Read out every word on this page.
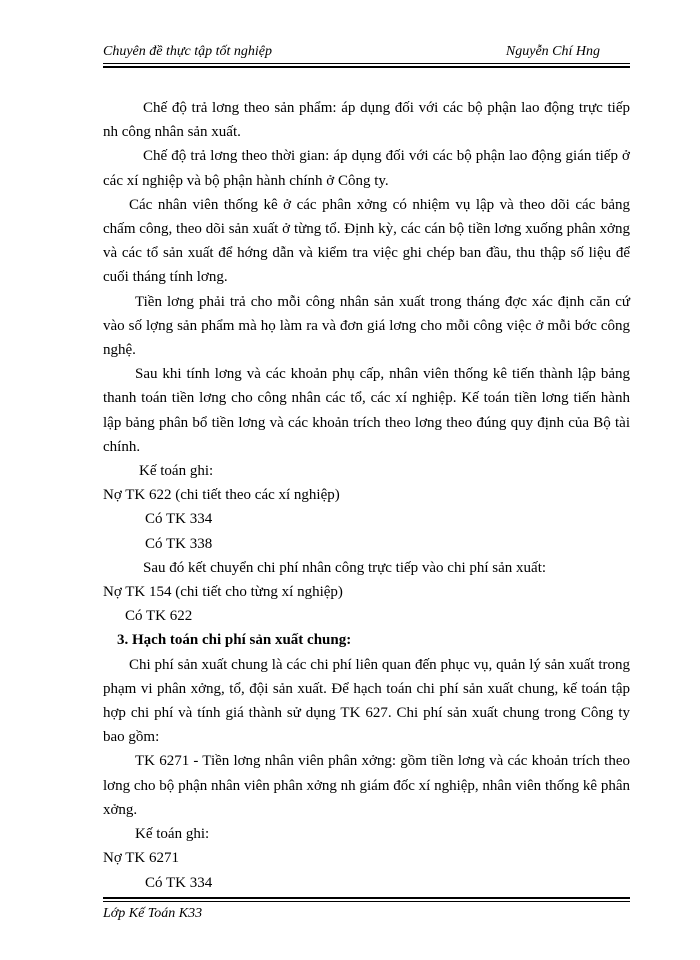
Chuyên đề thực tập tốt nghiệp	Nguyễn Chí Hng

Chế độ trả lơng theo sản phẩm: áp dụng đối với các bộ phận lao động trực tiếp nh công nhân sản xuất.

Chế độ trả lơng theo thời gian: áp dụng đối với các bộ phận lao động gián tiếp ở các xí nghiệp và bộ phận hành chính ở Công ty.

Các nhân viên thống kê ở các phân xởng có nhiệm vụ lập và theo dõi các bảng chấm công, theo dõi sản xuất ở từng tổ. Định kỳ, các cán bộ tiền lơng xuống phân xởng và các tổ sản xuất để hớng dẫn và kiểm tra việc ghi chép ban đầu, thu thập số liệu để cuối tháng tính lơng.

Tiền lơng phải trả cho mỗi công nhân sản xuất trong tháng đợc xác định căn cứ vào số lợng sản phẩm mà họ làm ra và đơn giá lơng cho mỗi công việc ở mỗi bớc công nghệ.

Sau khi tính lơng và các khoản phụ cấp, nhân viên thống kê tiến thành lập bảng thanh toán tiền lơng cho công nhân các tổ, các xí nghiệp. Kế toán tiền lơng tiến hành lập bảng phân bổ tiền lơng và các khoản trích theo lơng theo đúng quy định của Bộ tài chính.

Kế toán ghi:

Nợ TK 622 (chi tiết theo các xí nghiệp)

Có TK 334

Có TK 338

Sau đó kết chuyển chi phí nhân công trực tiếp vào chi phí sản xuất:

Nợ TK 154 (chi tiết cho từng xí nghiệp)

Có TK 622

3. Hạch toán chi phí sản xuất chung:

Chi phí sản xuất chung là các chi phí liên quan đến phục vụ, quản lý sản xuất trong phạm vi phân xởng, tổ, đội sản xuất. Để hạch toán chi phí sản xuất chung, kế toán tập hợp chi phí và tính giá thành sử dụng TK 627. Chi phí sản xuất chung trong Công ty bao gồm:

TK 6271 - Tiền lơng nhân viên phân xởng: gồm tiền lơng và các khoản trích theo lơng cho bộ phận nhân viên phân xởng nh giám đốc xí nghiệp, nhân viên thống kê phân xởng.

Kế toán ghi:

Nợ TK 6271

Có TK 334

Lớp Kế Toán K33
